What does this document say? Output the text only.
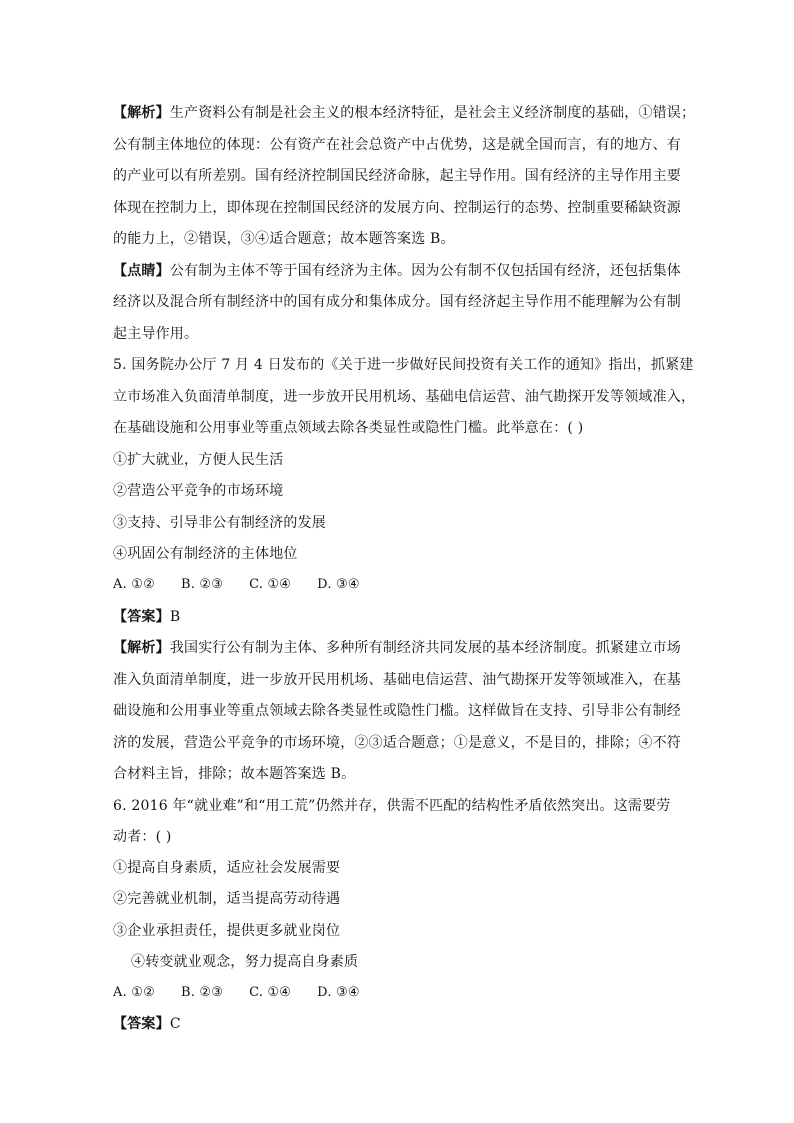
【解析】生产资料公有制是社会主义的根本经济特征，是社会主义经济制度的基础，①错误；
公有制主体地位的体现：公有资产在社会总资产中占优势，这是就全国而言，有的地方、有
的产业可以有所差别。国有经济控制国民经济命脉，起主导作用。国有经济的主导作用主要
体现在控制力上，即体现在控制国民经济的发展方向、控制运行的态势、控制重要稀缺资源
的能力上，②错误，③④适合题意；故本题答案选 B。
【点睛】公有制为主体不等于国有经济为主体。因为公有制不仅包括国有经济，还包括集体
经济以及混合所有制经济中的国有成分和集体成分。国有经济起主导作用不能理解为公有制
起主导作用。
5. 国务院办公厅 7 月 4 日发布的《关于进一步做好民间投资有关工作的通知》指出，抓紧建
立市场准入负面清单制度，进一步放开民用机场、基础电信运营、油气勘探开发等领域准入，
在基础设施和公用事业等重点领域去除各类显性或隐性门槛。此举意在：( )
①扩大就业，方便人民生活
②营造公平竞争的市场环境
③支持、引导非公有制经济的发展
④巩固公有制经济的主体地位
A. ①② B. ②③ C. ①④ D. ③④
【答案】B
【解析】我国实行公有制为主体、多种所有制经济共同发展的基本经济制度。抓紧建立市场
准入负面清单制度，进一步放开民用机场、基础电信运营、油气勘探开发等领域准入，在基
础设施和公用事业等重点领域去除各类显性或隐性门槛。这样做旨在支持、引导非公有制经
济的发展，营造公平竞争的市场环境，②③适合题意；①是意义，不是目的，排除；④不符
合材料主旨，排除；故本题答案选 B。
6. 2016 年“就业难”和“用工荒”仍然并存，供需不匹配的结构性矛盾依然突出。这需要劳
动者：( )
①提高自身素质，适应社会发展需要
②完善就业机制，适当提高劳动待遇
③企业承担责任，提供更多就业岗位
④转变就业观念，努力提高自身素质
A. ①② B. ②③ C. ①④ D. ③④
【答案】C
